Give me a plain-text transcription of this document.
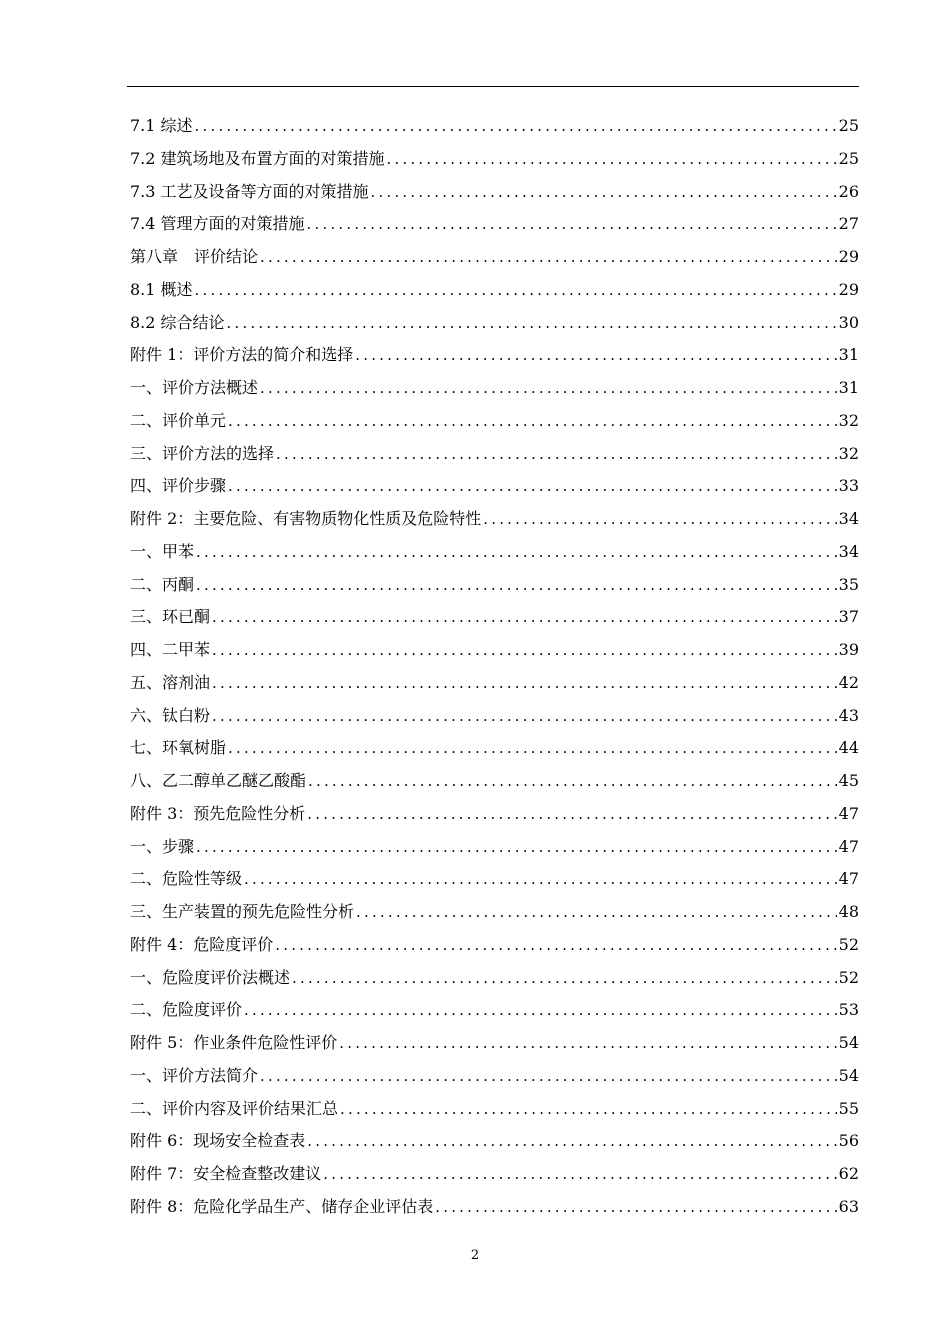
7.1 综述 .....	25
7.2 建筑场地及布置方面的对策措施 .....	25
7.3 工艺及设备等方面的对策措施 .....	26
7.4 管理方面的对策措施 .....	27
第八章　评价结论 .....	29
8.1 概述 .....	29
8.2 综合结论 .....	30
附件 1：评价方法的简介和选择 .....	31
一、评价方法概述 .....	31
二、评价单元 .....	32
三、评价方法的选择 .....	32
四、评价步骤 .....	33
附件 2：主要危险、有害物质物化性质及危险特性 .....	34
一、甲苯 .....	34
二、丙酮 .....	35
三、环已酮 .....	37
四、二甲苯 .....	39
五、溶剂油 .....	42
六、钛白粉 .....	43
七、环氧树脂 .....	44
八、乙二醇单乙醚乙酸酯 .....	45
附件 3：预先危险性分析 .....	47
一、步骤 .....	47
二、危险性等级 .....	47
三、生产装置的预先危险性分析 .....	48
附件 4：危险度评价 .....	52
一、危险度评价法概述 .....	52
二、危险度评价 .....	53
附件 5：作业条件危险性评价 .....	54
一、评价方法简介 .....	54
二、评价内容及评价结果汇总 .....	55
附件 6：现场安全检查表 .....	56
附件 7：安全检查整改建议 .....	62
附件 8：危险化学品生产、储存企业评估表 .....	63
2
